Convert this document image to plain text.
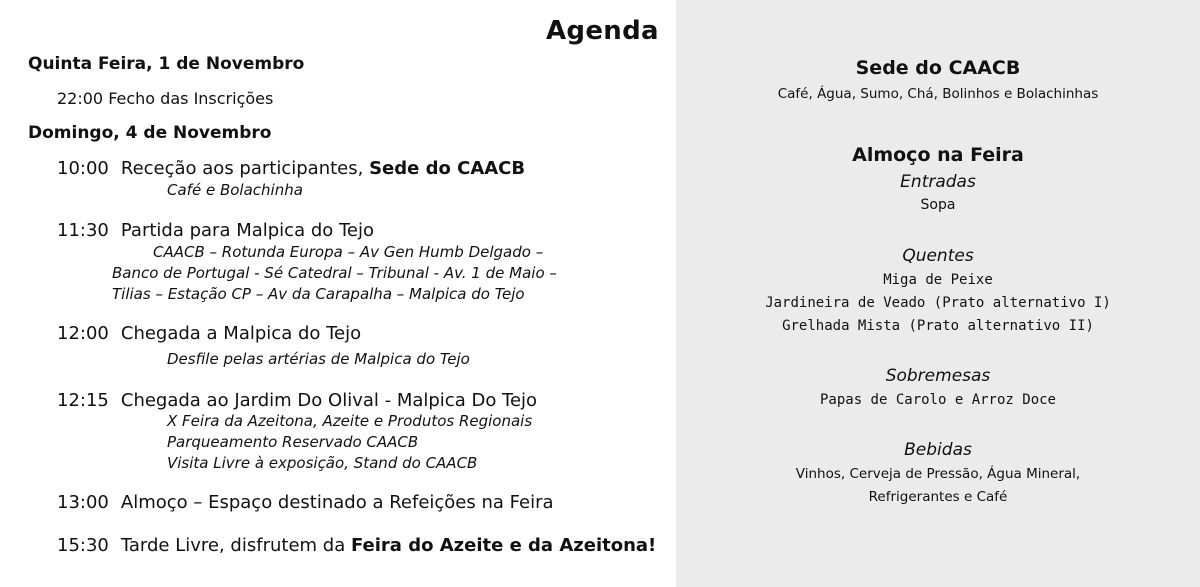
Agenda
Quinta Feira, 1 de Novembro
22:00 Fecho das Inscrições
Domingo, 4 de Novembro
10:00 Receção aos participantes, Sede do CAACB
Café e Bolachinha
11:30 Partida para Malpica do Tejo
CAACB – Rotunda Europa – Av Gen Humb Delgado –
Banco de Portugal - Sé Catedral – Tribunal - Av. 1 de Maio –
Tilias – Estação CP – Av da Carapalha – Malpica do Tejo
12:00 Chegada a Malpica do Tejo
Desfile pelas artérias de Malpica do Tejo
12:15 Chegada ao Jardim Do Olival - Malpica Do Tejo
X Feira da Azeitona, Azeite e Produtos Regionais
Parqueamento Reservado CAACB
Visita Livre à exposição, Stand do CAACB
13:00 Almoço – Espaço destinado a Refeições na Feira
15:30 Tarde Livre, disfrutem da Feira do Azeite e da Azeitona!
Sede do CAACB
Café, Água, Sumo, Chá, Bolinhos e Bolachinhas
Almoço na Feira
Entradas
Sopa
Quentes
Miga de Peixe
Jardineira de Veado (Prato alternativo I)
Grelhada Mista (Prato alternativo II)
Sobremesas
Papas de Carolo e Arroz Doce
Bebidas
Vinhos, Cerveja de Pressão, Água Mineral,
Refrigerantes e Café
